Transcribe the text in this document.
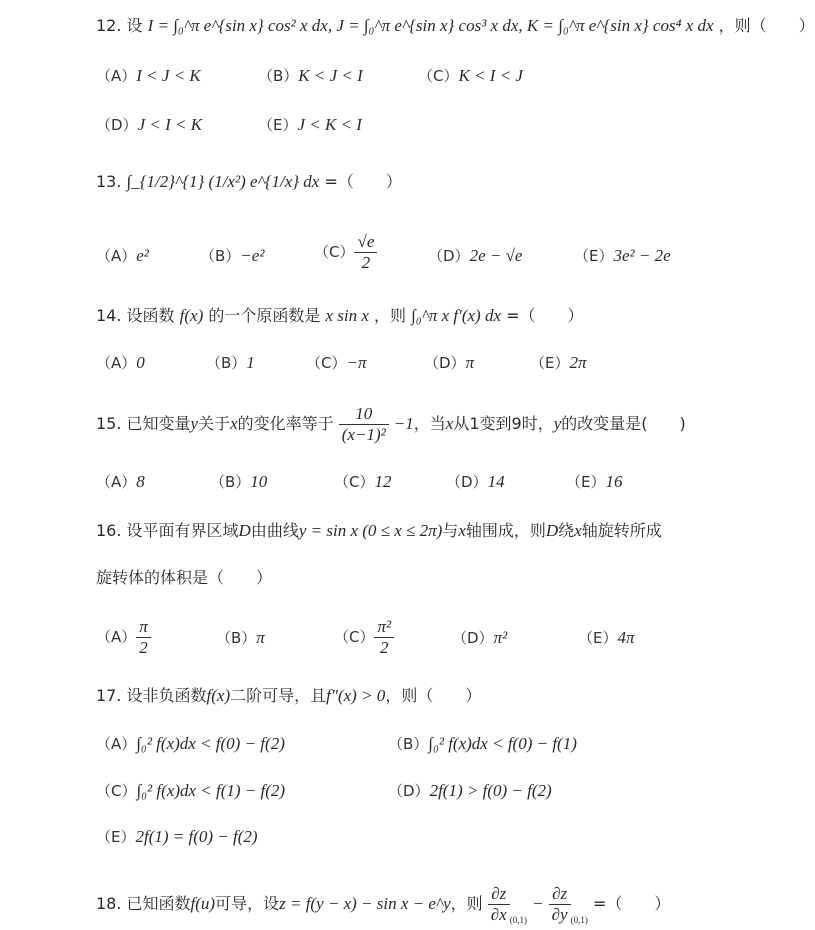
12. 设 I = ∫₀^π e^{sin x} cos² x dx, J = ∫₀^π e^{sin x} cos³ x dx, K = ∫₀^π e^{sin x} cos⁴ x dx ，则（　　）
（A）I < J < K	（B）K < J < I	（C）K < I < J
（D）J < I < K	（E）J < K < I
13. ∫_{1/2}^{1} (1/x²) e^{1/x} dx =（　　）
（A）e²	（B）−e²	$(C) \frac{√e}{2}$	（D）2e − √e	（E）3e² − 2e
14. 设函数 f(x) 的一个原函数是 x sin x ，则 ∫₀^π x f′(x) dx =（　　）
（A）0	（B）1	（C）−π	（D）π	（E）2π
15. 已知变量y关于x的变化率等于 $\frac{10}{\text{(x−1)²}} -1$，当x从1变到9时，y的改变量是(　　)
（A）8	（B）10	（C）12	（D）14	（E）16
16. 设平面有界区域D由曲线y = sin x (0 ≤ x ≤ 2π)与x轴围成，则D绕x轴旋转所成
旋转体的体积是（　　）
$(A) \frac{\pi}{2}$	（B）π	$(C) \frac{\text{π²}}{2}$	（D）π²	（E）4π
17. 设非负函数f(x)二阶可导，且f″(x) > 0，则（　　）
（A）∫₀² f(x)dx < f(0) − f(2)	（B）∫₀² f(x)dx < f(0) − f(1)
（C）∫₀² f(x)dx < f(1) − f(2)	（D）2f(1) > f(0) − f(2)
（E）2f(1) = f(0) − f(2)
18. 已知函数f(u)可导，设z = f(y − x) − sin x − e^y，则 $\frac{\partial z}{\partial x} _{(0,1)} - \frac{\partial z}{\partial y} _{(0,1)}$ =（　　）
